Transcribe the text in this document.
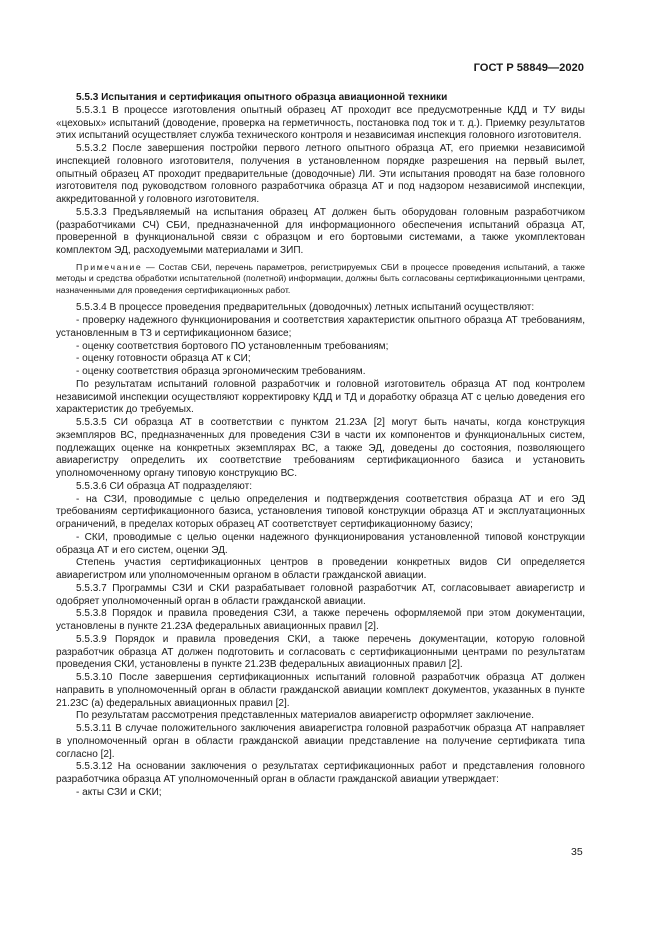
ГОСТ Р 58849—2020

5.5.3 Испытания и сертификация опытного образца авиационной техники

5.5.3.1 В процессе изготовления опытный образец АТ проходит все предусмотренные КДД и ТУ виды «цеховых» испытаний (доводение, проверка на герметичность, постановка под ток и т. д.). Приемку результатов этих испытаний осуществляет служба технического контроля и независимая инспекция головного изготовителя.

5.5.3.2 После завершения постройки первого летного опытного образца АТ, его приемки независимой инспекцией головного изготовителя, получения в установленном порядке разрешения на первый вылет, опытный образец АТ проходит предварительные (доводочные) ЛИ. Эти испытания проводят на базе головного изготовителя под руководством головного разработчика образца АТ и под надзором независимой инспекции, аккредитованной у головного изготовителя.

5.5.3.3 Предъявляемый на испытания образец АТ должен быть оборудован головным разработчиком (разработчиками СЧ) СБИ, предназначенной для информационного обеспечения испытаний образца АТ, проверенной в функциональной связи с образцом и его бортовыми системами, а также укомплектован комплектом ЭД, расходуемыми материалами и ЗИП.

Примечание — Состав СБИ, перечень параметров, регистрируемых СБИ в процессе проведения испытаний, а также методы и средства обработки испытательной (полетной) информации, должны быть согласованы сертификационными центрами, назначенными для проведения сертификационных работ.

5.5.3.4 В процессе проведения предварительных (доводочных) летных испытаний осуществляют:

- проверку надежного функционирования и соответствия характеристик опытного образца АТ требованиям, установленным в ТЗ и сертификационном базисе;

- оценку соответствия бортового ПО установленным требованиям;

- оценку готовности образца АТ к СИ;

- оценку соответствия образца эргономическим требованиям.

По результатам испытаний головной разработчик и головной изготовитель образца АТ под контролем независимой инспекции осуществляют корректировку КДД и ТД и доработку образца АТ с целью доведения его характеристик до требуемых.

5.5.3.5 СИ образца АТ в соответствии с пунктом 21.23А [2] могут быть начаты, когда конструкция экземпляров ВС, предназначенных для проведения СЗИ в части их компонентов и функциональных систем, подлежащих оценке на конкретных экземплярах ВС, а также ЭД, доведены до состояния, позволяющего авиарегистру определить их соответствие требованиям сертификационного базиса и установить уполномоченному органу типовую конструкцию ВС.

5.5.3.6 СИ образца АТ подразделяют:

- на СЗИ, проводимые с целью определения и подтверждения соответствия образца АТ и его ЭД требованиям сертификационного базиса, установления типовой конструкции образца АТ и эксплуатационных ограничений, в пределах которых образец АТ соответствует сертификационному базису;

- СКИ, проводимые с целью оценки надежного функционирования установленной типовой конструкции образца АТ и его систем, оценки ЭД.

Степень участия сертификационных центров в проведении конкретных видов СИ определяется авиарегистром или уполномоченным органом в области гражданской авиации.

5.5.3.7 Программы СЗИ и СКИ разрабатывает головной разработчик АТ, согласовывает авиарегистр и одобряет уполномоченный орган в области гражданской авиации.

5.5.3.8 Порядок и правила проведения СЗИ, а также перечень оформляемой при этом документации, установлены в пункте 21.23А федеральных авиационных правил [2].

5.5.3.9 Порядок и правила проведения СКИ, а также перечень документации, которую головной разработчик образца АТ должен подготовить и согласовать с сертификационными центрами по результатам проведения СКИ, установлены в пункте 21.23В федеральных авиационных правил [2].

5.5.3.10 После завершения сертификационных испытаний головной разработчик образца АТ должен направить в уполномоченный орган в области гражданской авиации комплект документов, указанных в пункте 21.23С (а) федеральных авиационных правил [2].

По результатам рассмотрения представленных материалов авиарегистр оформляет заключение.

5.5.3.11 В случае положительного заключения авиарегистра головной разработчик образца АТ направляет в уполномоченный орган в области гражданской авиации представление на получение сертификата типа согласно [2].

5.5.3.12 На основании заключения о результатах сертификационных работ и представления головного разработчика образца АТ уполномоченный орган в области гражданской авиации утверждает:

- акты СЗИ и СКИ;

35
